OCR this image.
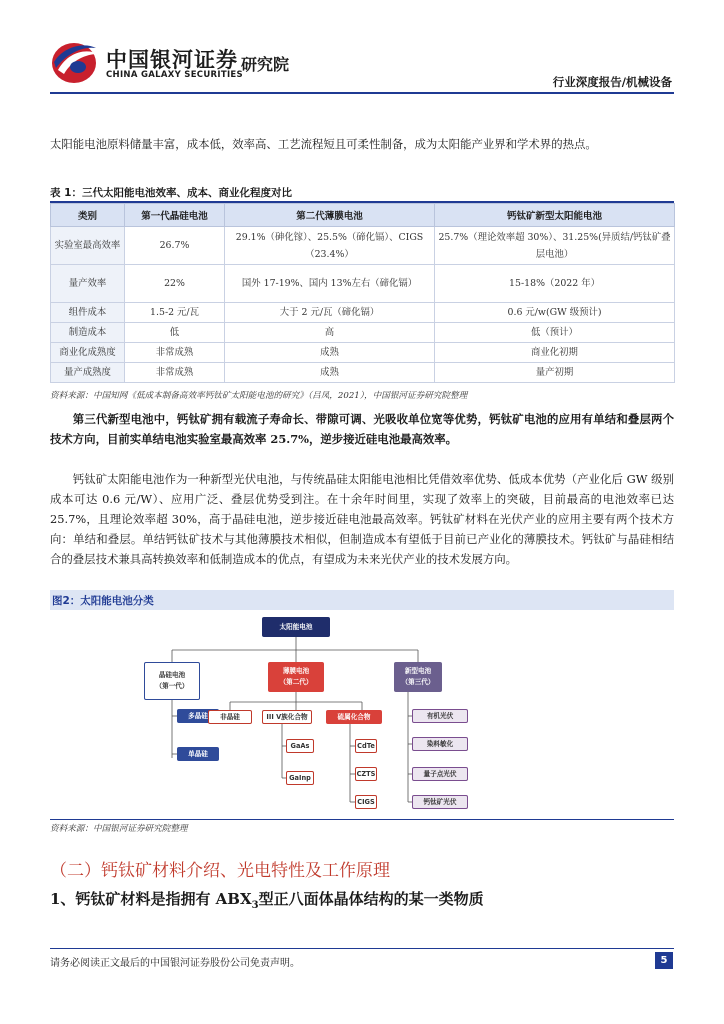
中国银河证券
CHINA GALAXY SECURITIES
研究院
行业深度报告/机械设备
太阳能电池原料储量丰富，成本低，效率高、工艺流程短且可柔性制备，成为太阳能产业界和学术界的热点。
表 1：三代太阳能电池效率、成本、商业化程度对比
类别	第一代晶硅电池	第二代薄膜电池	钙钛矿新型太阳能电池
实验室最高效率	26.7%	29.1%（砷化镓）、25.5%（碲化镉）、CIGS（23.4%）	25.7%（理论效率超 30%）、31.25%(异质结/钙钛矿叠层电池）
量产效率	22%	国外 17-19%、国内 13%左右（碲化镉）	15-18%（2022 年）
组件成本	1.5-2 元/瓦	大于 2 元/瓦（碲化镉）	0.6 元/w(GW 级预计)
制造成本	低	高	低（预计）
商业化成熟度	非常成熟	成熟	商业化初期
量产成熟度	非常成熟	成熟	量产初期
资料来源：中国知网《低成本制备高效率钙钛矿太阳能电池的研究》（吕凤，2021），中国银河证券研究院整理
第三代新型电池中，钙钛矿拥有载流子寿命长、带隙可调、光吸收单位宽等优势，钙钛矿电池的应用有单结和叠层两个技术方向，目前实单结电池实验室最高效率 25.7%，逆步接近硅电池最高效率。
钙钛矿太阳能电池作为一种新型光伏电池，与传统晶硅太阳能电池相比凭借效率优势、低成本优势（产业化后 GW 级别成本可达 0.6 元/W）、应用广泛、叠层优势受到注。在十余年时间里，实现了效率上的突破，目前最高的电池效率已达 25.7%，且理论效率超 30%，高于晶硅电池，逆步接近硅电池最高效率。钙钛矿材料在光伏产业的应用主要有两个技术方向：单结和叠层。单结钙钛矿技术与其他薄膜技术相似，但制造成本有望低于目前已产业化的薄膜技术。钙钛矿与晶硅相结合的叠层技术兼具高转换效率和低制造成本的优点，有望成为未来光伏产业的技术发展方向。
图2：太阳能电池分类
太阳能电池
晶硅电池
（第一代）
薄膜电池
（第二代）
新型电池
（第三代）
多晶硅
单晶硅
非晶硅	III V族化合物	硫属化合物
GaAs
GaInp
CdTe
CZTS
CIGS
有机光伏
染料敏化
量子点光伏
钙钛矿光伏
资料来源：中国银河证券研究院整理
（二）钙钛矿材料介绍、光电特性及工作原理
1、钙钛矿材料是指拥有 $ABX_3$型正八面体晶体结构的某一类物质
请务必阅读正文最后的中国银河证券股份公司免责声明。	5
